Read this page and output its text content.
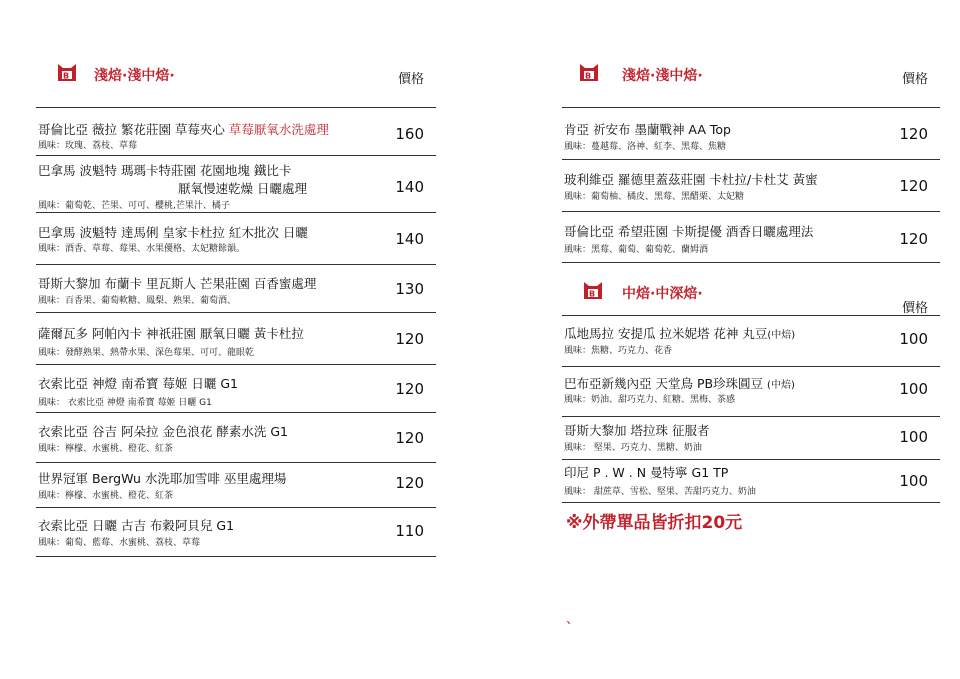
B 淺焙·淺中焙·	價格
哥倫比亞 薇拉 繁花莊園 草莓夾心 草莓厭氧水洗處理
風味：玫瑰、荔枝、草莓
160
巴拿馬 波魁特 瑪瑪卡特莊園 花園地塊 鐵比卡
厭氧慢速乾燥 日曬處理
風味：葡萄乾、芒果、可可、櫻桃,芒果汁、橘子
140
巴拿馬 波魁特 達馬俐 皇家卡杜拉 紅木批次 日曬
風味：酒香、草莓、莓果、水果優格、太妃糖餘韻。
140
哥斯大黎加 布蘭卡 里瓦斯人 芒果莊園 百香蜜處理
風味：百香果、葡萄軟糖、鳳梨、熟果、葡萄酒、
130
薩爾瓦多 阿帕內卡 神祇莊園 厭氧日曬 黃卡杜拉
風味：發酵熟果、熱帶水果、深色莓果、可可、龍眼乾
120
衣索比亞 神燈 南希寶 莓姬 日曬 G1
風味： 衣索比亞 神燈 南希寶 莓姬 日曬 G1
120
衣索比亞 谷吉 阿朵拉 金色浪花 酵素水洗 G1
風味：檸檬、水蜜桃、橙花、紅茶
120
世界冠軍 BergWu 水洗耶加雪啡 巫里處理場
風味：檸檬、水蜜桃、橙花、紅茶
120
衣索比亞 日曬 古吉 布穀阿貝兒 G1
風味：葡萄、藍莓、水蜜桃、荔枝、草莓
110
B 淺焙·淺中焙·	價格
肯亞 祈安布 墨蘭戰神 AA Top
風味：蔓越莓、洛神、紅李、黑莓、焦糖
120
玻利維亞 羅德里蓋茲莊園 卡杜拉/卡杜艾 黃蜜
風味：葡萄柚、橘皮、黑莓、黑醋栗、太妃糖
120
哥倫比亞 希望莊園 卡斯提優 酒香日曬處理法
風味：黑莓、葡萄、葡萄乾、蘭姆酒
120
B 中焙·中深焙·
價格
瓜地馬拉 安提瓜 拉米妮塔 花神 丸豆(中焙)
風味：焦糖、巧克力、花香
100
巴布亞新幾內亞 天堂鳥 PB珍珠圓豆 (中焙)
風味：奶油、甜巧克力、紅糖、黑梅、茶感
100
哥斯大黎加 塔拉珠 征服者
風味： 堅果、巧克力、黑糖、奶油
100
印尼 P . W . N 曼特寧 G1 TP
風味： 甜蔗草、雪松、堅果、苦甜巧克力、奶油
100
※外帶單品皆折扣20元
、
